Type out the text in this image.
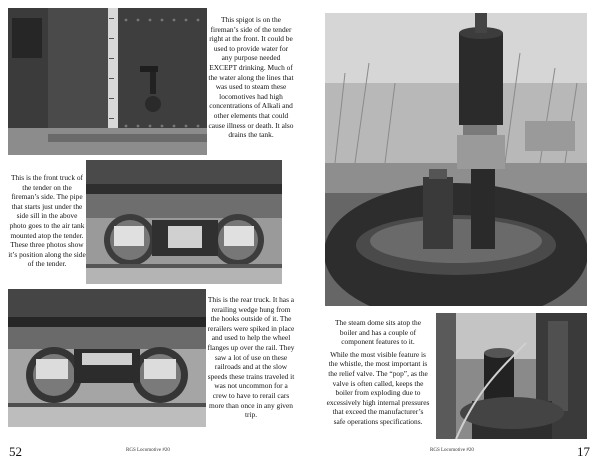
This spigot is on the fireman’s side of the tender right at the front. It could be used to provide water for any purpose needed EXCEPT drinking. Much of the water along the lines that was used to steam these locomotives had high concentrations of Alkali and other elements that could cause illness or death. It also drains the tank.

This is the front truck of the tender on the fireman’s side. The pipe that starts just under the side sill in the above photo goes to the air tank mounted atop the tender. These three photos show it’s position along the side of the tender.

This is the rear truck. It has a rerailing wedge hung from the hooks outside of it. The rerailers were spiked in place and used to help the wheel flanges up over the rail. They saw a lot of use on these railroads and at the slow speeds these trains traveled it was not uncommon for a crew to have to rerail cars more than once in any given trip.

52	RGS Locomotive #20

The steam dome sits atop the boiler and has a couple of component features to it.

While the most visible feature is the whistle, the most important is the relief valve. The “pop”, as the valve is often called, keeps the boiler from exploding due to excessively high internal pressures that exceed the manufacturer’s safe operations specifications.

RGS Locomotive #20	17
